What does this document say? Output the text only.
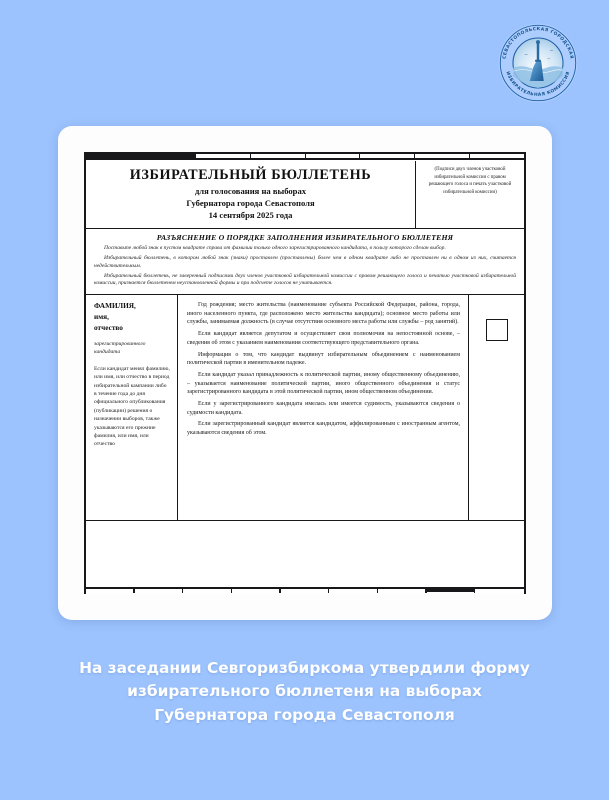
СЕВАСТОПОЛЬСКАЯ ГОРОДСКАЯ
ИЗБИРАТЕЛЬНАЯ КОМИССИЯ
ИЗБИРАТЕЛЬНЫЙ БЮЛЛЕТЕНЬ
для голосования на выборах
Губернатора города Севастополя
14 сентября 2025 года
(Подписи двух членов участковой избирательной комиссии с правом решающего голоса и печать участковой избирательной комиссии)
РАЗЪЯСНЕНИЕ О ПОРЯДКЕ ЗАПОЛНЕНИЯ ИЗБИРАТЕЛЬНОГО БЮЛЛЕТЕНЯ

Поставьте любой знак в пустом квадрате справа от фамилии только одного зарегистрированного кандидата, в пользу которого сделан выбор.

Избирательный бюллетень, в котором любой знак (знаки) проставлен (проставлены) более чем в одном квадрате либо не проставлен ни в одном из них, считается недействительным.

Избирательный бюллетень, не заверенный подписями двух членов участковой избирательной комиссии с правом решающего голоса и печатью участковой избирательной комиссии, признается бюллетенем неустановленной формы и при подсчете голосов не учитывается.

ФАМИЛИЯ,
имя,
отчество
зарегистрированного
кандидата
Если кандидат менял фамилию, или имя, или отчество в период избирательной кампании либо в течение года до дня официального опубликования (публикации) решения о назначении выборов, также указываются его прежние фамилия, или имя, или отчество

Год рождения; место жительства (наименование субъекта Российской Федерации, района, города, иного населенного пункта, где расположено место жительства кандидата); основное место работы или службы, занимаемая должность (в случае отсутствия основного места работы или службы – род занятий).

Если кандидат является депутатом и осуществляет свои полномочия на непостоянной основе, – сведения об этом с указанием наименования соответствующего представительного органа.

Информация о том, что кандидат выдвинут избирательным объединением с наименованием политической партии в именительном падеже.

Если кандидат указал принадлежность к политической партии, иному общественному объединению, – указывается наименование политической партии, иного общественного объединения и статус зарегистрированного кандидата в этой политической партии, ином общественном объединении.

Если у зарегистрированного кандидата имелась или имеется судимость, указываются сведения о судимости кандидата.

Если зарегистрированный кандидат является кандидатом, аффилированным с иностранным агентом, указываются сведения об этом.

На заседании Севгоризбиркома утвердили форму
избирательного бюллетеня на выборах
Губернатора города Севастополя
